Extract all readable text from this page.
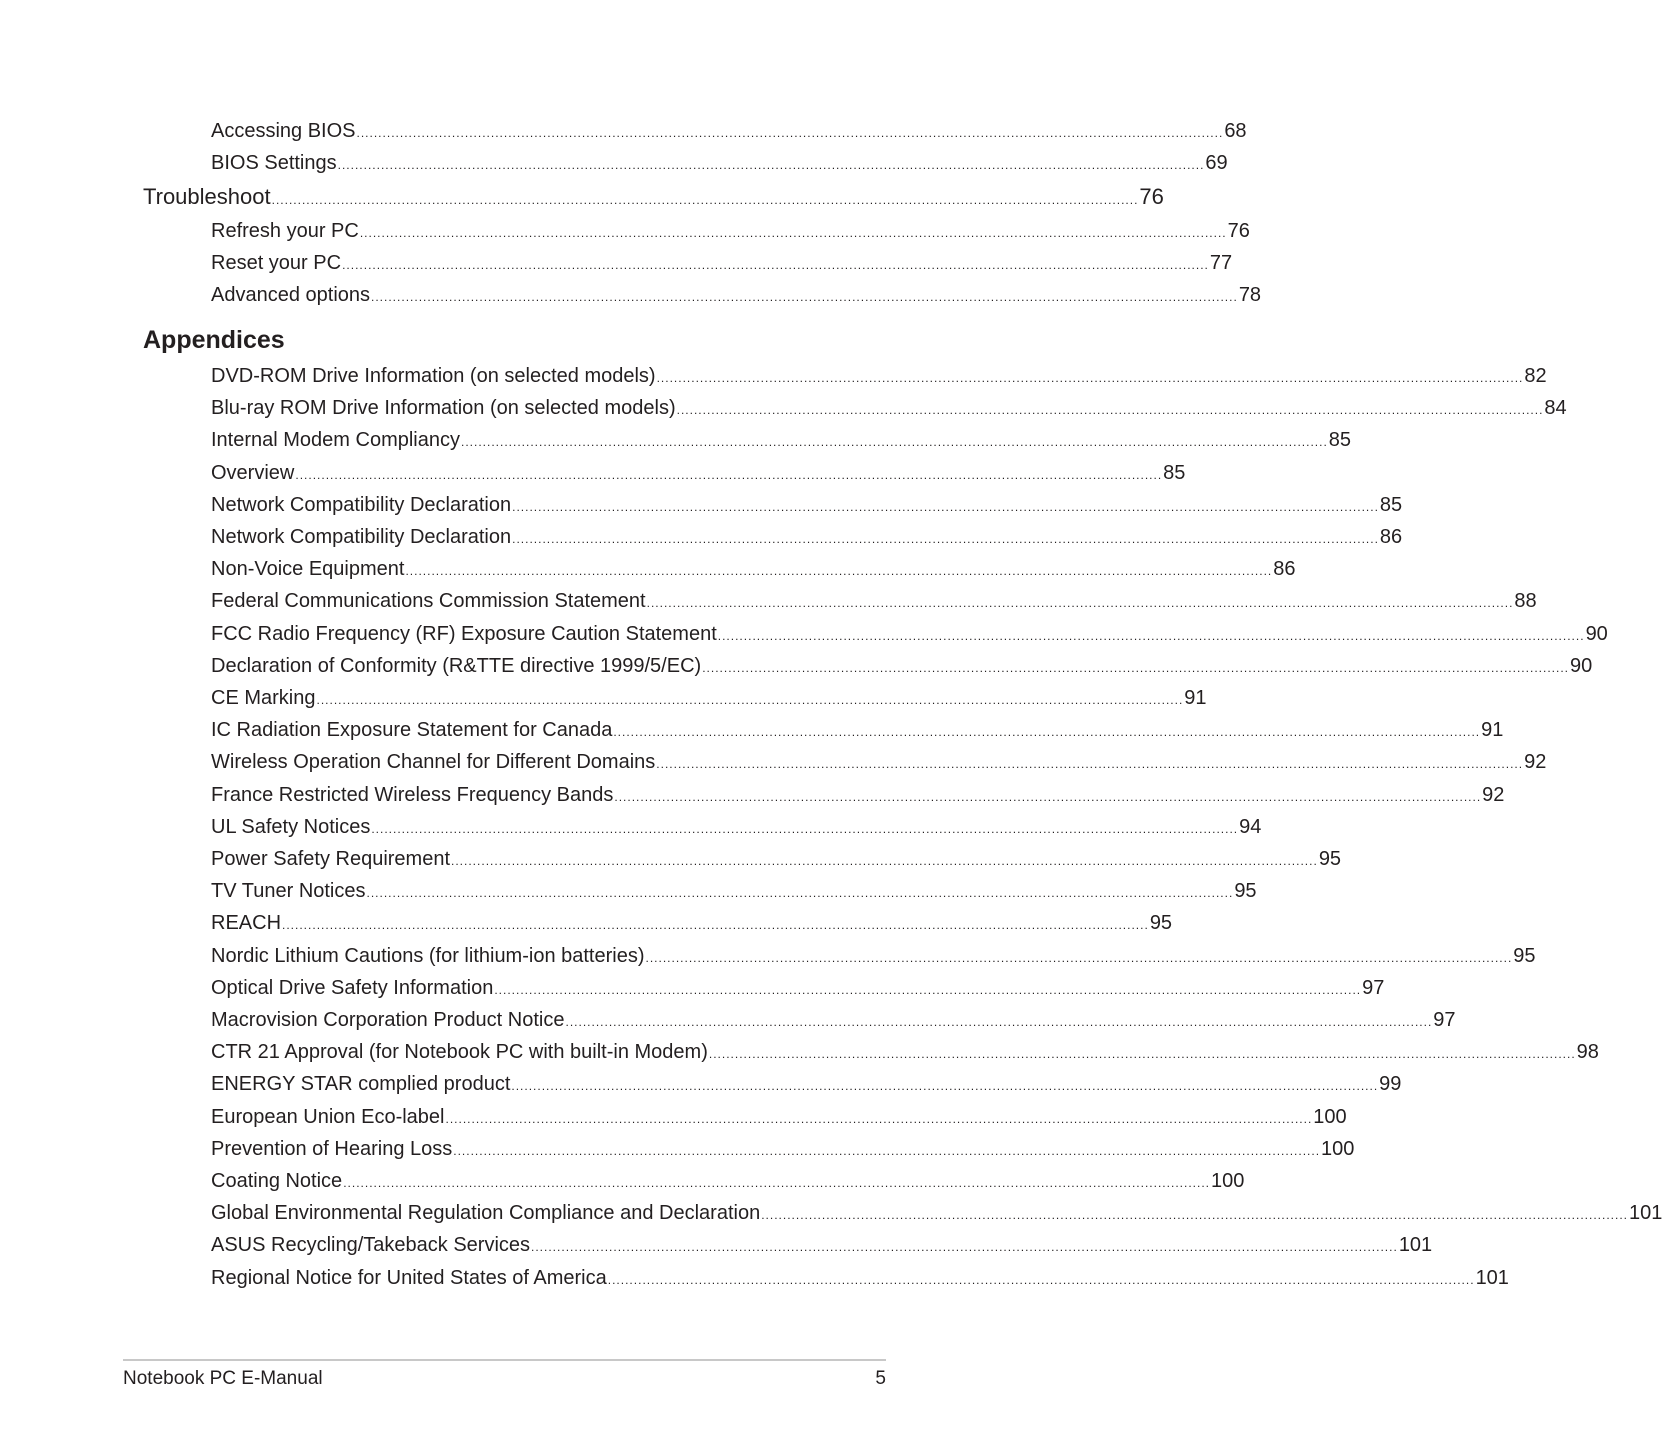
Accessing BIOS ........................................................................................................................................................................................................ 68
BIOS Settings ........................................................................................................................................................................................................ 69
Troubleshoot ........................................................................................................................................................................................................ 76
Refresh your PC ........................................................................................................................................................................................................ 76
Reset your PC ........................................................................................................................................................................................................ 77
Advanced options ........................................................................................................................................................................................................ 78
Appendices
DVD-ROM Drive Information (on selected models) ........................................................................................................................................................................................................ 82
Blu-ray ROM Drive Information (on selected models) ........................................................................................................................................................................................................ 84
Internal Modem Compliancy ........................................................................................................................................................................................................ 85
Overview ........................................................................................................................................................................................................ 85
Network Compatibility Declaration ........................................................................................................................................................................................................ 85
Network Compatibility Declaration ........................................................................................................................................................................................................ 86
Non-Voice Equipment ........................................................................................................................................................................................................ 86
Federal Communications Commission Statement ........................................................................................................................................................................................................ 88
FCC Radio Frequency (RF) Exposure Caution Statement ........................................................................................................................................................................................................ 90
Declaration of Conformity (R&TTE directive 1999/5/EC) ........................................................................................................................................................................................................ 90
CE Marking ........................................................................................................................................................................................................ 91
IC Radiation Exposure Statement for Canada ........................................................................................................................................................................................................ 91
Wireless Operation Channel for Different Domains ........................................................................................................................................................................................................ 92
France Restricted Wireless Frequency Bands ........................................................................................................................................................................................................ 92
UL Safety Notices ........................................................................................................................................................................................................ 94
Power Safety Requirement ........................................................................................................................................................................................................ 95
TV Tuner Notices ........................................................................................................................................................................................................ 95
REACH ........................................................................................................................................................................................................ 95
Nordic Lithium Cautions (for lithium-ion batteries) ........................................................................................................................................................................................................ 95
Optical Drive Safety Information ........................................................................................................................................................................................................ 97
Macrovision Corporation Product Notice ........................................................................................................................................................................................................ 97
CTR 21 Approval (for Notebook PC with built-in Modem) ........................................................................................................................................................................................................ 98
ENERGY STAR complied product ........................................................................................................................................................................................................ 99
European Union Eco-label ........................................................................................................................................................................................................ 100
Prevention of Hearing Loss ........................................................................................................................................................................................................ 100
Coating Notice ........................................................................................................................................................................................................ 100
Global Environmental Regulation Compliance and Declaration ........................................................................................................................................................................................................ 101
ASUS Recycling/Takeback Services ........................................................................................................................................................................................................ 101
Regional Notice for United States of America ........................................................................................................................................................................................................ 101
Notebook PC E-Manual	5
